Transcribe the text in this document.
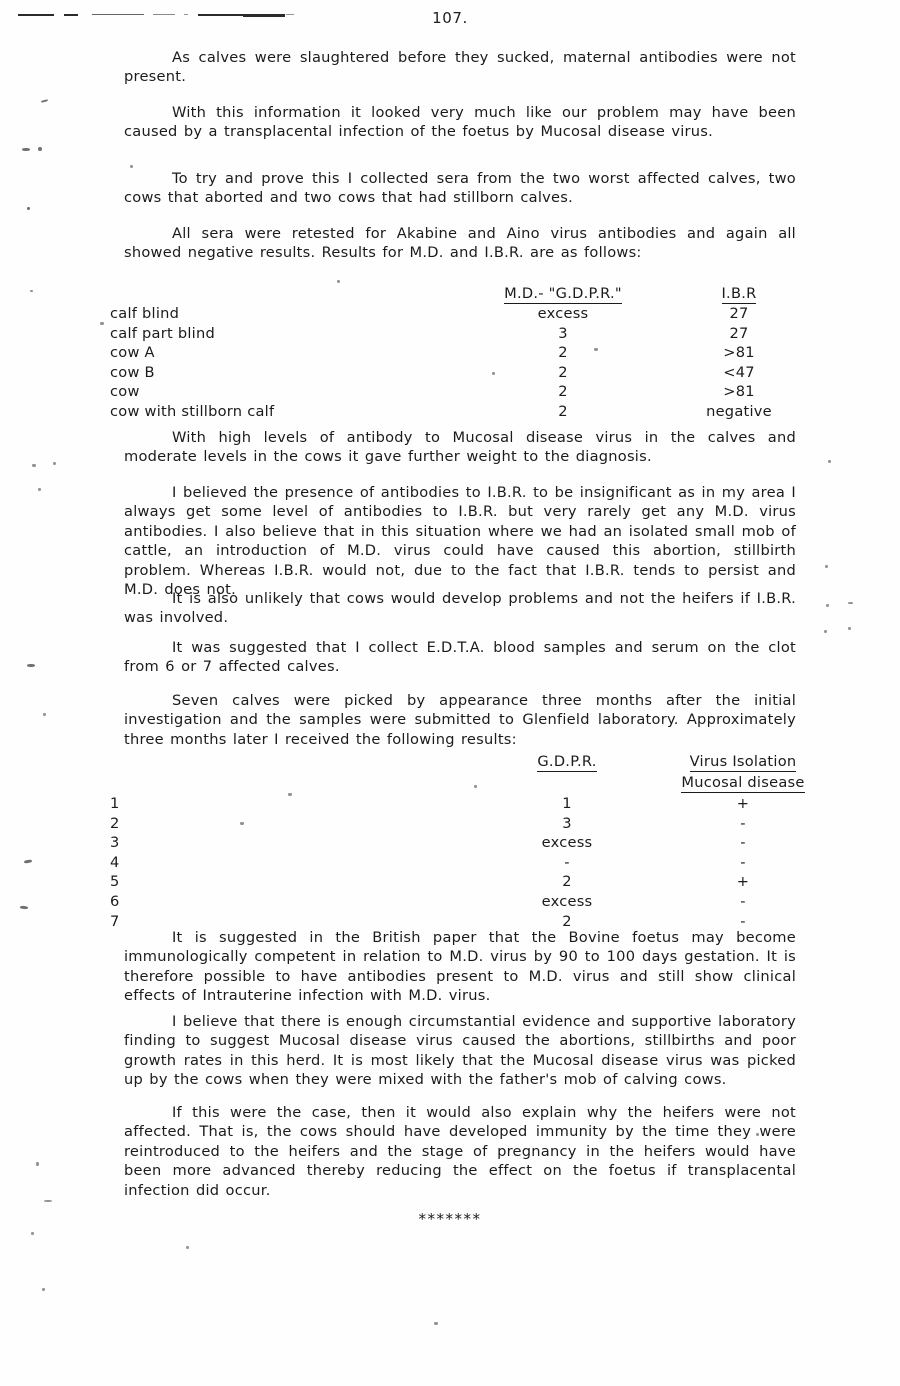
107.

As calves were slaughtered before they sucked, maternal antibodies were not present.

With this information it looked very much like our problem may have been caused by a transplacental infection of the foetus by Mucosal disease virus.

To try and prove this I collected sera from the two worst affected calves, two cows that aborted and two cows that had stillborn calves.

All sera were retested for Akabine and Aino virus antibodies and again all showed negative results. Results for M.D. and I.B.R. are as follows:

	M.D.- "G.D.P.R."	I.B.R
calf blind	excess	27
calf part blind	3	27
cow A	2	>81
cow B	2	<47
cow	2	>81
cow with stillborn calf	2	negative

With high levels of antibody to Mucosal disease virus in the calves and moderate levels in the cows it gave further weight to the diagnosis.

I believed the presence of antibodies to I.B.R. to be insignificant as in my area I always get some level of antibodies to I.B.R. but very rarely get any M.D. virus antibodies. I also believe that in this situation where we had an isolated small mob of cattle, an introduction of M.D. virus could have caused this abortion, stillbirth problem. Whereas I.B.R. would not, due to the fact that I.B.R. tends to persist and M.D. does not.

It is also unlikely that cows would develop problems and not the heifers if I.B.R. was involved.

It was suggested that I collect E.D.T.A. blood samples and serum on the clot from 6 or 7 affected calves.

Seven calves were picked by appearance three months after the initial investigation and the samples were submitted to Glenfield laboratory. Approximately three months later I received the following results:

	G.D.P.R.	Virus Isolation
Mucosal disease

1	1	+
2	3	-
3	excess	-
4	-	-
5	2	+
6	excess	-
7	2	-

It is suggested in the British paper that the Bovine foetus may become immunologically competent in relation to M.D. virus by 90 to 100 days gestation. It is therefore possible to have antibodies present to M.D. virus and still show clinical effects of Intrauterine infection with M.D. virus.

I believe that there is enough circumstantial evidence and supportive laboratory finding to suggest Mucosal disease virus caused the abortions, stillbirths and poor growth rates in this herd. It is most likely that the Mucosal disease virus was picked up by the cows when they were mixed with the father's mob of calving cows.

If this were the case, then it would also explain why the heifers were not affected. That is, the cows should have developed immunity by the time they were reintroduced to the heifers and the stage of pregnancy in the heifers would have been more advanced thereby reducing the effect on the foetus if transplacental infection did occur.

*******
